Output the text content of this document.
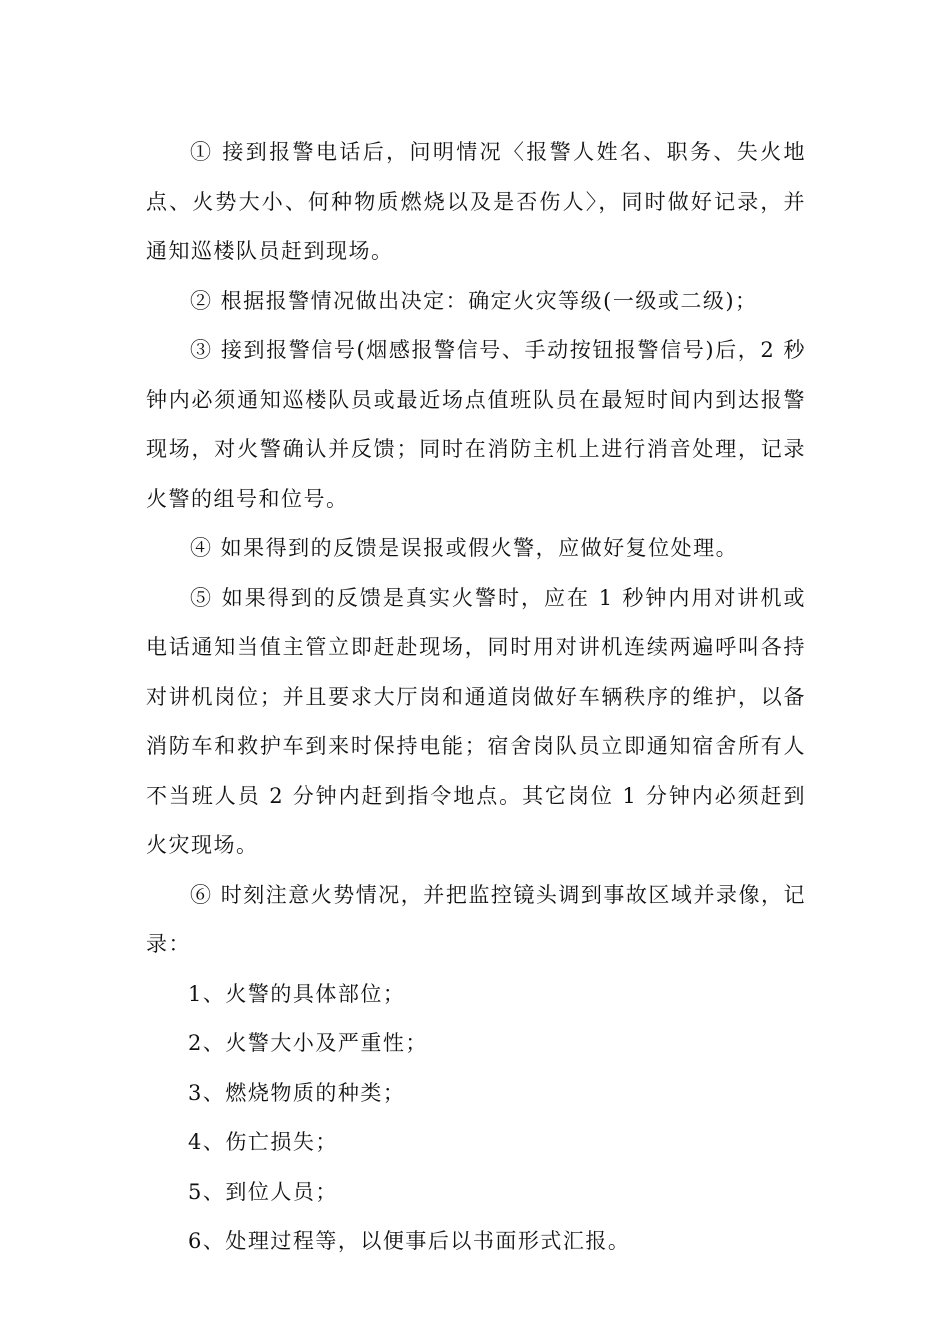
① 接到报警电话后，问明情况〈报警人姓名、职务、失火地点、火势大小、何种物质燃烧以及是否伤人〉，同时做好记录，并通知巡楼队员赶到现场。

② 根据报警情况做出决定：确定火灾等级(一级或二级)；

③ 接到报警信号(烟感报警信号、手动按钮报警信号)后，2 秒钟内必须通知巡楼队员或最近场点值班队员在最短时间内到达报警现场，对火警确认并反馈；同时在消防主机上进行消音处理，记录火警的组号和位号。

④ 如果得到的反馈是误报或假火警，应做好复位处理。

⑤ 如果得到的反馈是真实火警时，应在 1 秒钟内用对讲机或电话通知当值主管立即赶赴现场，同时用对讲机连续两遍呼叫各持对讲机岗位；并且要求大厅岗和通道岗做好车辆秩序的维护，以备消防车和救护车到来时保持电能；宿舍岗队员立即通知宿舍所有人不当班人员 2 分钟内赶到指令地点。其它岗位 1 分钟内必须赶到火灾现场。

⑥ 时刻注意火势情况，并把监控镜头调到事故区域并录像，记录：

1、火警的具体部位；

2、火警大小及严重性；

3、燃烧物质的种类；

4、伤亡损失；

5、到位人员；

6、处理过程等，以便事后以书面形式汇报。
